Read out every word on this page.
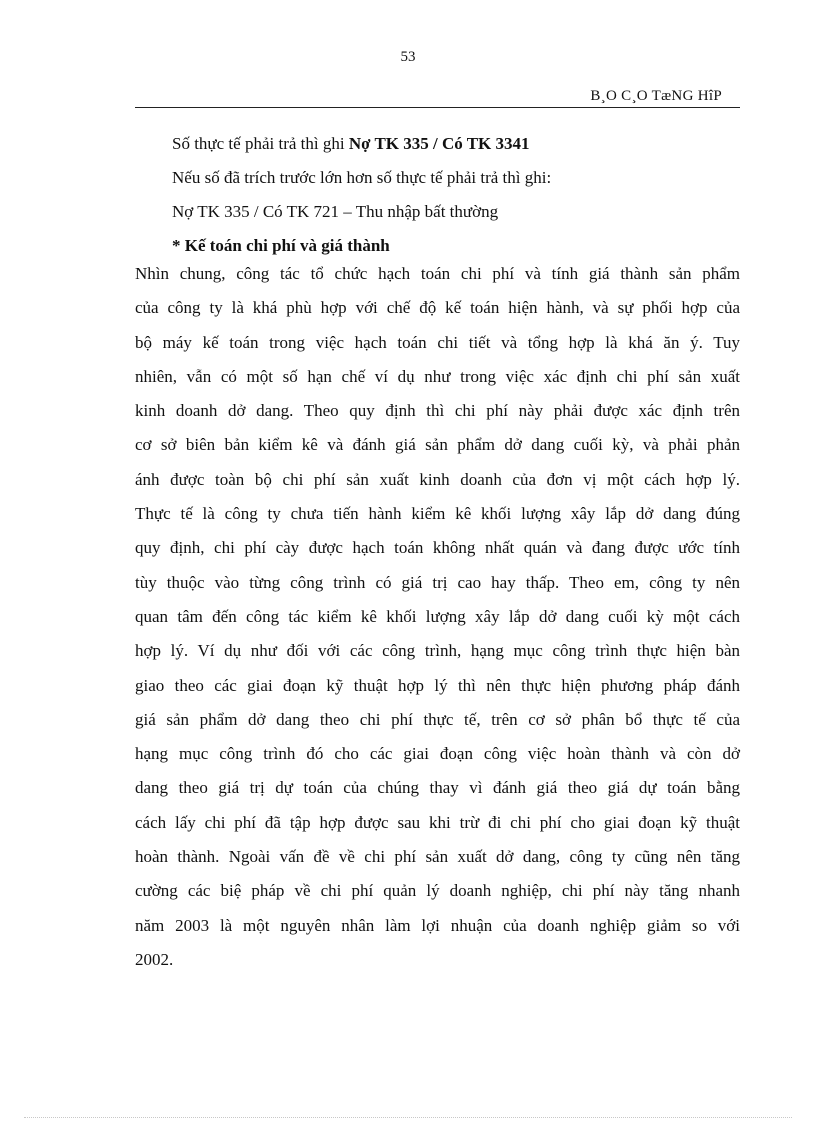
53
B¸O C¸O TæNG HîP
Số thực tế phải trả thì ghi Nợ TK 335 / Có TK 3341
Nếu số đã trích trước lớn hơn số thực tế phải trả thì ghi:
Nợ TK 335 / Có TK 721 – Thu nhập bất thường
* Kế toán chi phí và giá thành
Nhìn chung, công tác tổ chức hạch toán chi phí và tính giá thành sản phẩm
của công ty là khá phù hợp với chế độ kế toán hiện hành, và sự phối hợp của
bộ máy kế toán trong việc hạch toán chi tiết và tổng hợp là khá ăn ý. Tuy
nhiên, vẫn có một số hạn chế ví dụ như trong việc xác định chi phí sản xuất
kinh doanh dở dang. Theo quy định thì chi phí này phải được xác định trên
cơ sở biên bản kiểm kê và đánh giá sản phẩm dở dang cuối kỳ, và phải phản
ánh được toàn bộ chi phí sản xuất kinh doanh của đơn vị một cách hợp lý.
Thực tế là công ty chưa tiến hành kiểm kê khối lượng xây lắp dở dang đúng
quy định, chi phí cày được hạch toán không nhất quán và đang được ước tính
tùy thuộc vào từng công trình có giá trị cao hay thấp. Theo em, công ty nên
quan tâm đến công tác kiểm kê khối lượng xây lắp dở dang cuối kỳ một cách
hợp lý. Ví dụ như đối với các công trình, hạng mục công trình thực hiện bàn
giao theo các giai đoạn kỹ thuật hợp lý thì nên thực hiện phương pháp đánh
giá sản phẩm dở dang theo chi phí thực tế, trên cơ sở phân bổ thực tế của
hạng mục công trình đó cho các giai đoạn công việc hoàn thành và còn dở
dang theo giá trị dự toán của chúng thay vì đánh giá theo giá dự toán bằng
cách lấy chi phí đã tập hợp được sau khi trừ đi chi phí cho giai đoạn kỹ thuật
hoàn thành. Ngoài vấn đề về chi phí sản xuất dở dang, công ty cũng nên tăng
cường các biệ pháp về chi phí quản lý doanh nghiệp, chi phí này tăng nhanh
năm 2003 là một nguyên nhân làm lợi nhuận của doanh nghiệp giảm so với
2002.
